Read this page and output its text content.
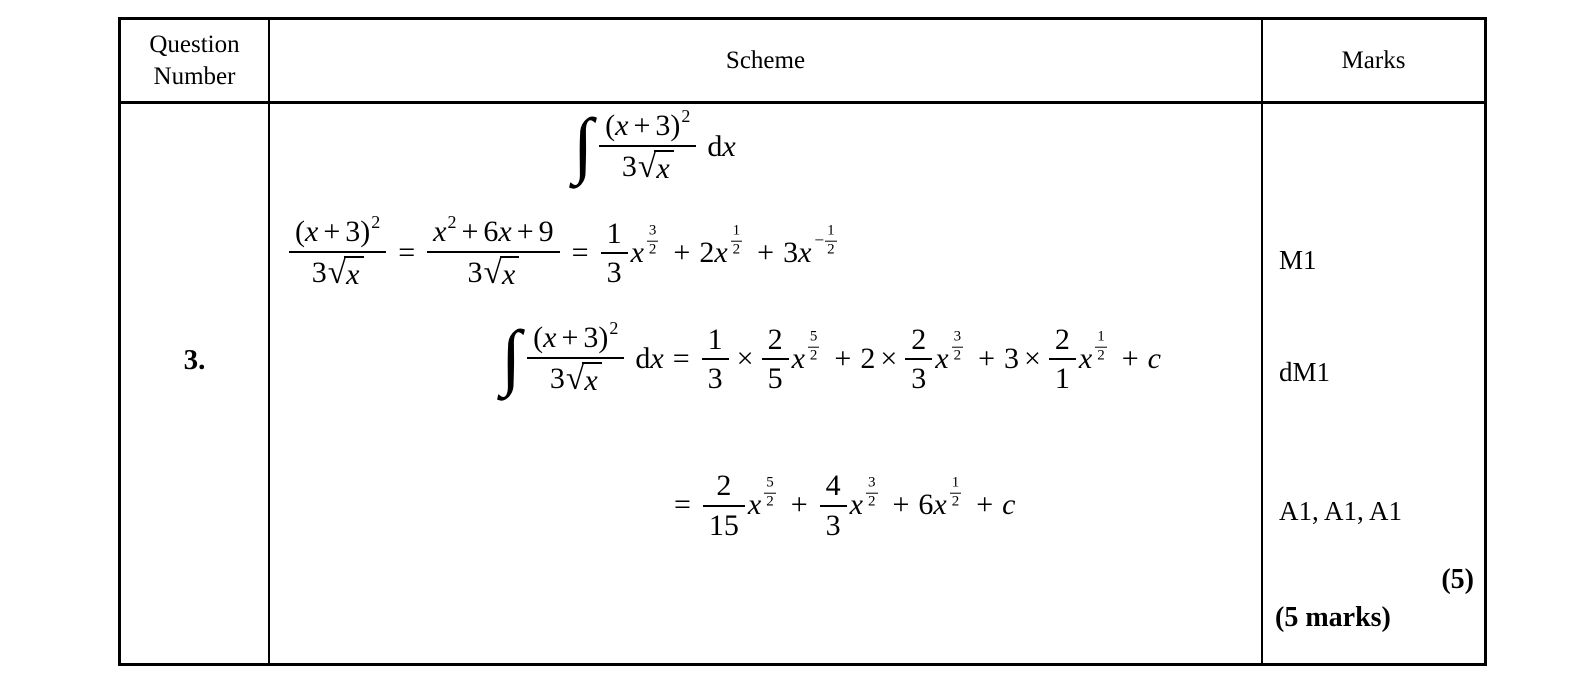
Question Number
Scheme	Marks
3.
∫ $\frac{( x + 3 ) 2}{3 √ x}$ d x
$\frac{( x + 3 ) 2}{3 √ x} = \frac{x 2 + 6 x + 9}{3 √ x} = \frac{1}{3}$ x
3
2 + 2 x
1
2 + 3 $x - \frac{1}{2}$
∫ $\frac{( x + 3 ) 2}{3 √ x}$ d $x = \frac{1}{3} \times \frac{2}{5}$ x
5
$2 + 2 \times \frac{2}{3}$ x
3
$2 + 3 \times \frac{2}{1}$ x
1
2 + c
= $\frac{2}{15}$ x
5
$2 + \frac{4}{3}$ x
3
2 + 6 x
1
2 + c
M1
dM1
A1, A1, A1
(5)
(5 marks)
